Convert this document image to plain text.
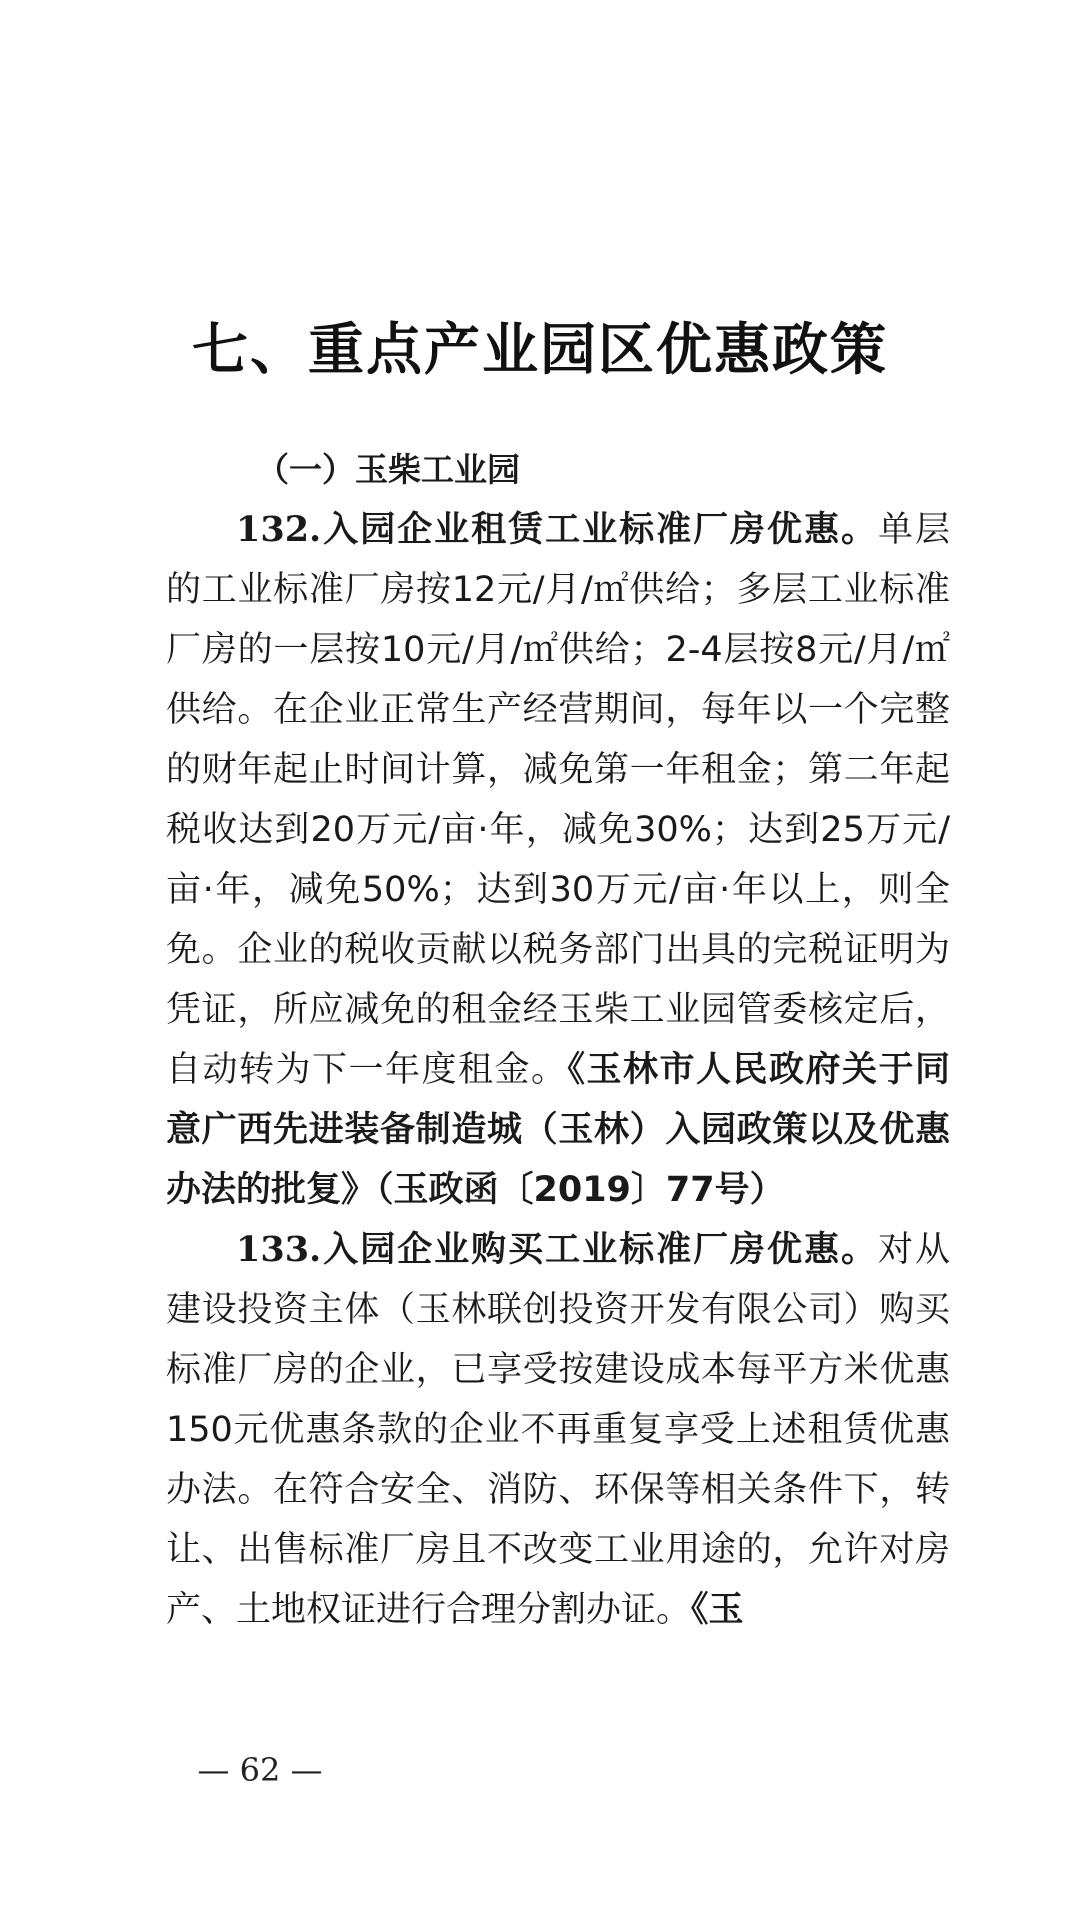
七、重点产业园区优惠政策

（一）玉柴工业园

132.入园企业租赁工业标准厂房优惠。单层的工业标准厂房按12元/月/㎡供给；多层工业标准厂房的一层按10元/月/㎡供给；2-4层按8元/月/㎡供给。在企业正常生产经营期间，每年以一个完整的财年起止时间计算，减免第一年租金；第二年起税收达到20万元/亩·年，减免30%；达到25万元/亩·年，减免50%；达到30万元/亩·年以上，则全免。企业的税收贡献以税务部门出具的完税证明为凭证，所应减免的租金经玉柴工业园管委核定后，自动转为下一年度租金。《玉林市人民政府关于同意广西先进装备制造城（玉林）入园政策以及优惠办法的批复》（玉政函〔2019〕77号）

133.入园企业购买工业标准厂房优惠。对从建设投资主体（玉林联创投资开发有限公司）购买标准厂房的企业，已享受按建设成本每平方米优惠150元优惠条款的企业不再重复享受上述租赁优惠办法。在符合安全、消防、环保等相关条件下，转让、出售标准厂房且不改变工业用途的，允许对房产、土地权证进行合理分割办证。《玉

— 62 —
